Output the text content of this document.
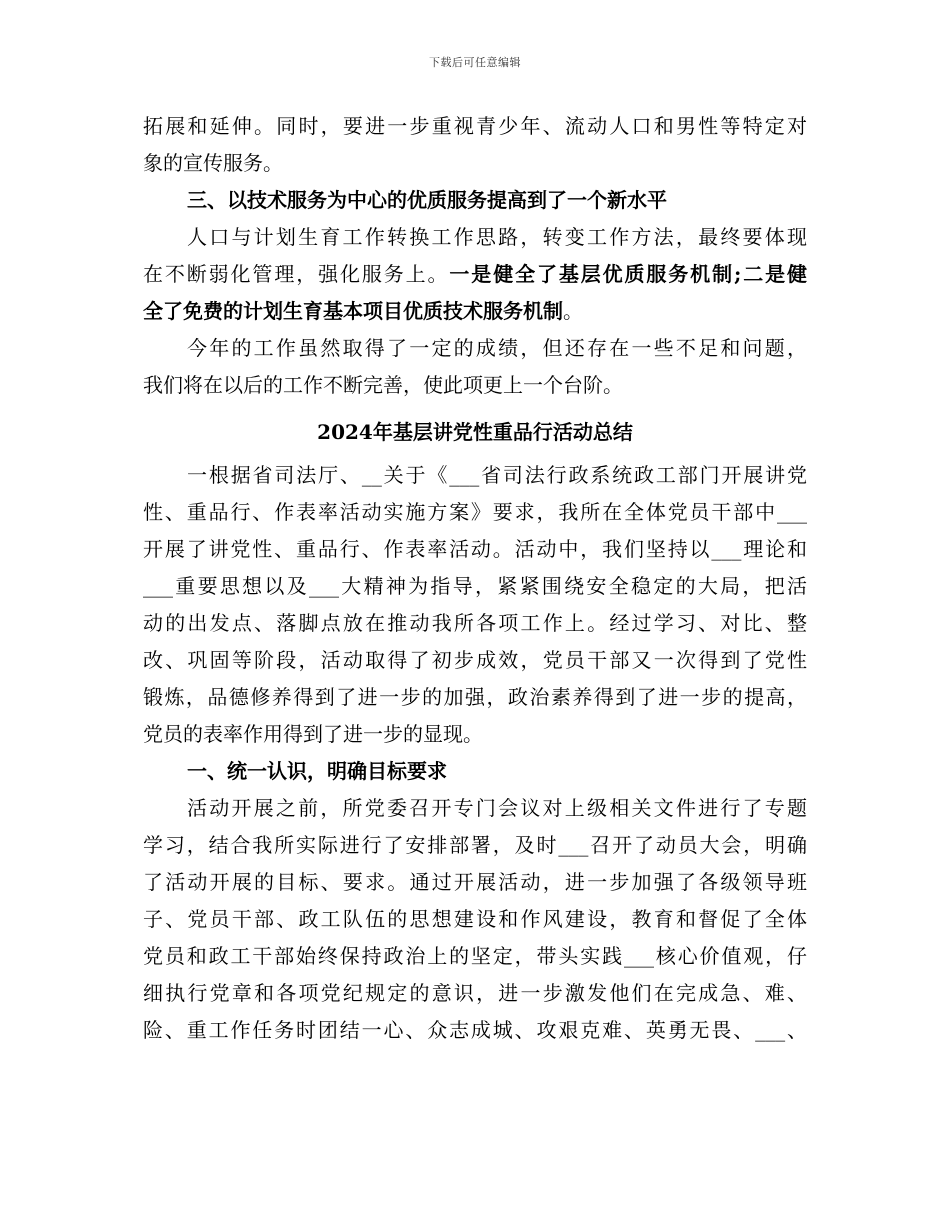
下载后可任意编辑
拓展和延伸。同时，要进一步重视青少年、流动人口和男性等特定对
象的宣传服务。
三、以技术服务为中心的优质服务提高到了一个新水平
人口与计划生育工作转换工作思路，转变工作方法，最终要体现
在不断弱化管理，强化服务上。一是健全了基层优质服务机制;二是健
全了免费的计划生育基本项目优质技术服务机制。
今年的工作虽然取得了一定的成绩，但还存在一些不足和问题，
我们将在以后的工作不断完善，使此项更上一个台阶。
2024年基层讲党性重品行活动总结
一根据省司法厅、__关于《___省司法行政系统政工部门开展讲党
性、重品行、作表率活动实施方案》要求，我所在全体党员干部中___
开展了讲党性、重品行、作表率活动。活动中，我们坚持以___理论和
___重要思想以及___大精神为指导，紧紧围绕安全稳定的大局，把活
动的出发点、落脚点放在推动我所各项工作上。经过学习、对比、整
改、巩固等阶段，活动取得了初步成效，党员干部又一次得到了党性
锻炼，品德修养得到了进一步的加强，政治素养得到了进一步的提高，
党员的表率作用得到了进一步的显现。
一、统一认识，明确目标要求
活动开展之前，所党委召开专门会议对上级相关文件进行了专题
学习，结合我所实际进行了安排部署，及时___召开了动员大会，明确
了活动开展的目标、要求。通过开展活动，进一步加强了各级领导班
子、党员干部、政工队伍的思想建设和作风建设，教育和督促了全体
党员和政工干部始终保持政治上的坚定，带头实践___核心价值观，仔
细执行党章和各项党纪规定的意识，进一步激发他们在完成急、难、
险、重工作任务时团结一心、众志成城、攻艰克难、英勇无畏、___、
